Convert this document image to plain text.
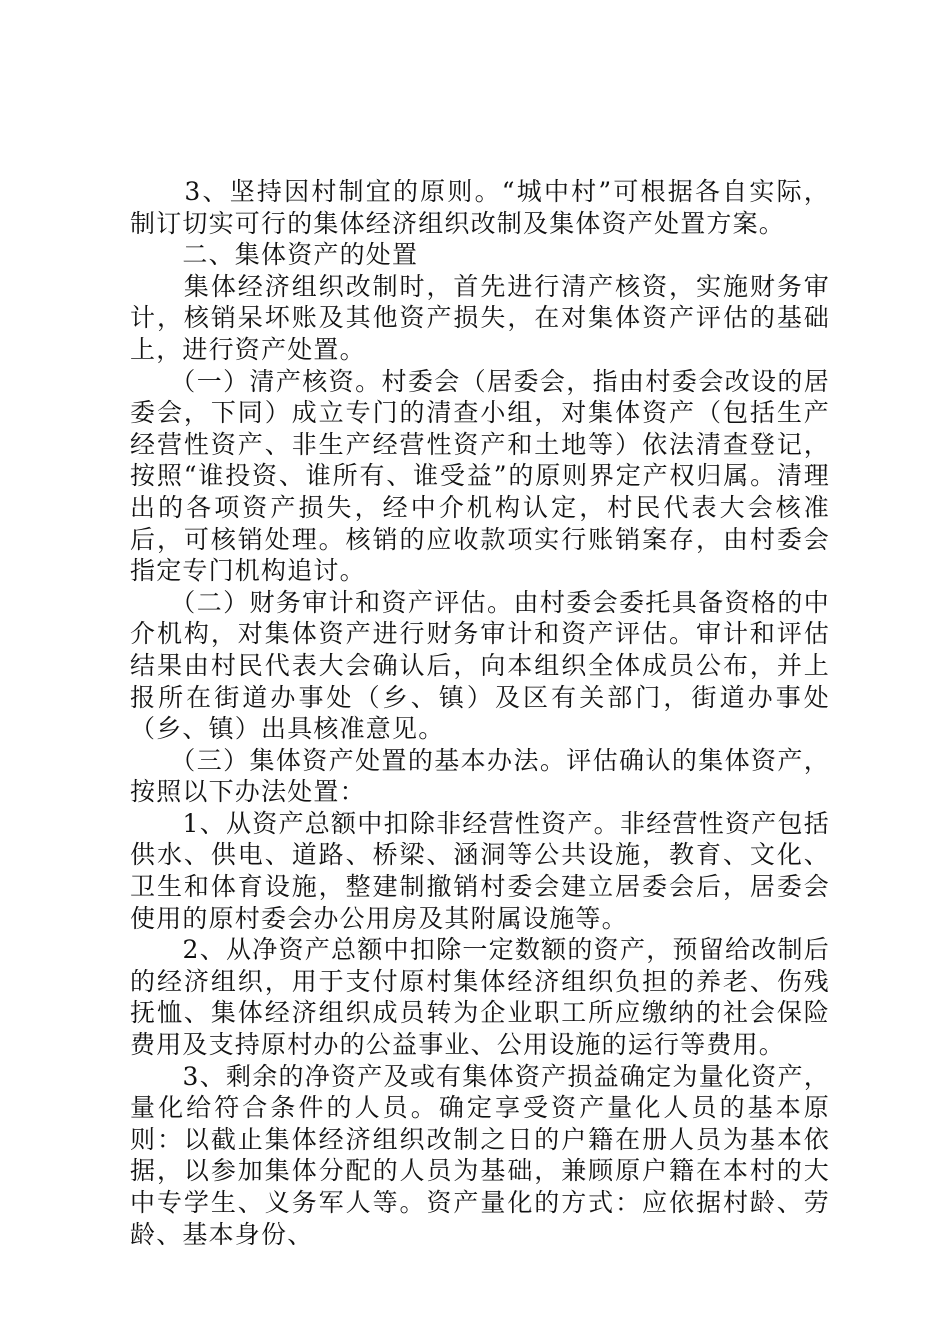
　　3、坚持因村制宜的原则。“城中村”可根据各自实际，制订切实可行的集体经济组织改制及集体资产处置方案。

　　二、集体资产的处置

　　集体经济组织改制时，首先进行清产核资，实施财务审计，核销呆坏账及其他资产损失，在对集体资产评估的基础上，进行资产处置。

　　（一）清产核资。村委会（居委会，指由村委会改设的居委会，下同）成立专门的清查小组，对集体资产（包括生产经营性资产、非生产经营性资产和土地等）依法清查登记，按照“谁投资、谁所有、谁受益”的原则界定产权归属。清理出的各项资产损失，经中介机构认定，村民代表大会核准后，可核销处理。核销的应收款项实行账销案存，由村委会指定专门机构追讨。

　　（二）财务审计和资产评估。由村委会委托具备资格的中介机构，对集体资产进行财务审计和资产评估。审计和评估结果由村民代表大会确认后，向本组织全体成员公布，并上报所在街道办事处（乡、镇）及区有关部门，街道办事处（乡、镇）出具核准意见。

　　（三）集体资产处置的基本办法。评估确认的集体资产，按照以下办法处置：

　　1、从资产总额中扣除非经营性资产。非经营性资产包括供水、供电、道路、桥梁、涵洞等公共设施，教育、文化、卫生和体育设施，整建制撤销村委会建立居委会后，居委会使用的原村委会办公用房及其附属设施等。

　　2、从净资产总额中扣除一定数额的资产，预留给改制后的经济组织，用于支付原村集体经济组织负担的养老、伤残抚恤、集体经济组织成员转为企业职工所应缴纳的社会保险费用及支持原村办的公益事业、公用设施的运行等费用。

　　3、剩余的净资产及或有集体资产损益确定为量化资产，量化给符合条件的人员。确定享受资产量化人员的基本原则：以截止集体经济组织改制之日的户籍在册人员为基本依据，以参加集体分配的人员为基础，兼顾原户籍在本村的大中专学生、义务军人等。资产量化的方式：应依据村龄、劳龄、基本身份、
